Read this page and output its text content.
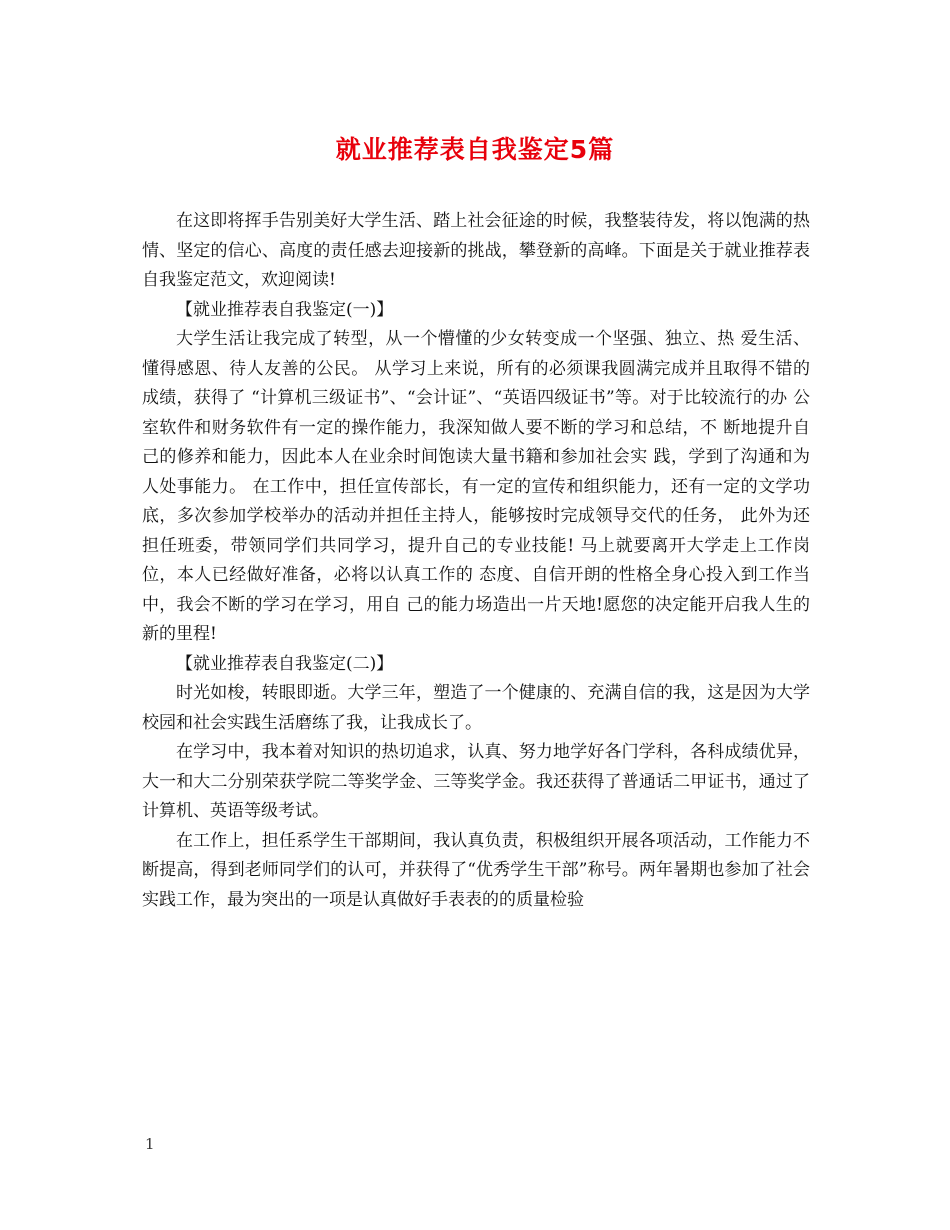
就业推荐表自我鉴定5篇

在这即将挥手告别美好大学生活、踏上社会征途的时候，我整装待发，将以饱满的热情、坚定的信心、高度的责任感去迎接新的挑战，攀登新的高峰。下面是关于就业推荐表自我鉴定范文，欢迎阅读!

【就业推荐表自我鉴定(一)】

大学生活让我完成了转型，从一个懵懂的少女转变成一个坚强、独立、热 爱生活、懂得感恩、待人友善的公民。 从学习上来说，所有的必须课我圆满完成并且取得不错的成绩，获得了 “计算机三级证书”、“会计证”、“英语四级证书”等。对于比较流行的办 公室软件和财务软件有一定的操作能力，我深知做人要不断的学习和总结，不 断地提升自己的修养和能力，因此本人在业余时间饱读大量书籍和参加社会实 践，学到了沟通和为人处事能力。 在工作中，担任宣传部长，有一定的宣传和组织能力，还有一定的文学功 底，多次参加学校举办的活动并担任主持人，能够按时完成领导交代的任务， 此外为还担任班委，带领同学们共同学习，提升自己的专业技能! 马上就要离开大学走上工作岗位，本人已经做好准备，必将以认真工作的 态度、自信开朗的性格全身心投入到工作当中，我会不断的学习在学习，用自 己的能力场造出一片天地!愿您的决定能开启我人生的新的里程!

【就业推荐表自我鉴定(二)】

时光如梭，转眼即逝。大学三年，塑造了一个健康的、充满自信的我，这是因为大学校园和社会实践生活磨练了我，让我成长了。

在学习中，我本着对知识的热切追求，认真、努力地学好各门学科，各科成绩优异，大一和大二分别荣获学院二等奖学金、三等奖学金。我还获得了普通话二甲证书，通过了计算机、英语等级考试。

在工作上，担任系学生干部期间，我认真负责，积极组织开展各项活动，工作能力不断提高，得到老师同学们的认可，并获得了“优秀学生干部”称号。两年暑期也参加了社会实践工作，最为突出的一项是认真做好手表表的的质量检验

1
